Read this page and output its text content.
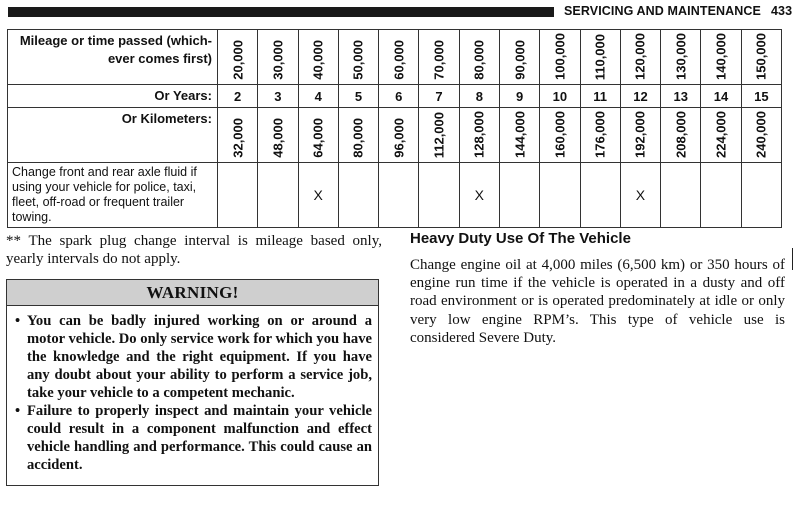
SERVICING AND MAINTENANCE 433
Mileage or time passed (which-ever comes first)	20,000	30,000	40,000	50,000	60,000	70,000	80,000	90,000	100,000	110,000	120,000	130,000	140,000	150,000

Or Years:	2	3	4	5	6	7	8	9	10	11	12	13	14	15
Or Kilometers:	32,000	48,000	64,000	80,000	96,000	112,000	128,000	144,000	160,000	176,000	192,000	208,000	224,000	240,000

Change front and rear axle fluid if using your vehicle for police, taxi, fleet, off-road or frequent trailer towing.			X				X				X			
** The spark plug change interval is mileage based only, yearly intervals do not apply.
WARNING!
• You can be badly injured working on or around a motor vehicle. Do only service work for which you have the knowledge and the right equipment. If you have any doubt about your ability to perform a service job, take your vehicle to a competent mechanic.
• Failure to properly inspect and maintain your vehicle could result in a component malfunction and effect vehicle handling and performance. This could cause an accident.
Heavy Duty Use Of The Vehicle
Change engine oil at 4,000 miles (6,500 km) or 350 hours of engine run time if the vehicle is operated in a dusty and off road environment or is operated predominately at idle or only very low engine RPM’s. This type of vehicle use is considered Severe Duty.
